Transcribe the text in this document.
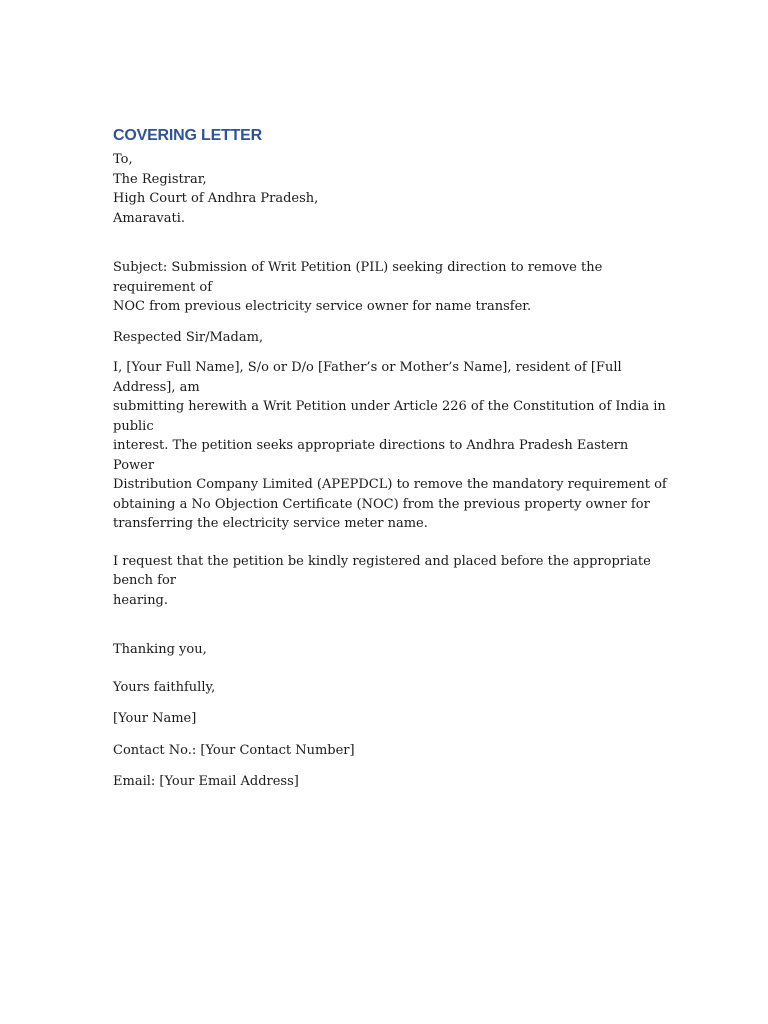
COVERING LETTER
To,
The Registrar,
High Court of Andhra Pradesh,
Amaravati.
Subject: Submission of Writ Petition (PIL) seeking direction to remove the requirement of
NOC from previous electricity service owner for name transfer.

Respected Sir/Madam,

I, [Your Full Name], S/o or D/o [Father’s or Mother’s Name], resident of [Full Address], am
submitting herewith a Writ Petition under Article 226 of the Constitution of India in public
interest. The petition seeks appropriate directions to Andhra Pradesh Eastern Power
Distribution Company Limited (APEPDCL) to remove the mandatory requirement of
obtaining a No Objection Certificate (NOC) from the previous property owner for
transferring the electricity service meter name.
I request that the petition be kindly registered and placed before the appropriate bench for
hearing.

Thanking you,

Yours faithfully,

[Your Name]

Contact No.: [Your Contact Number]

Email: [Your Email Address]
